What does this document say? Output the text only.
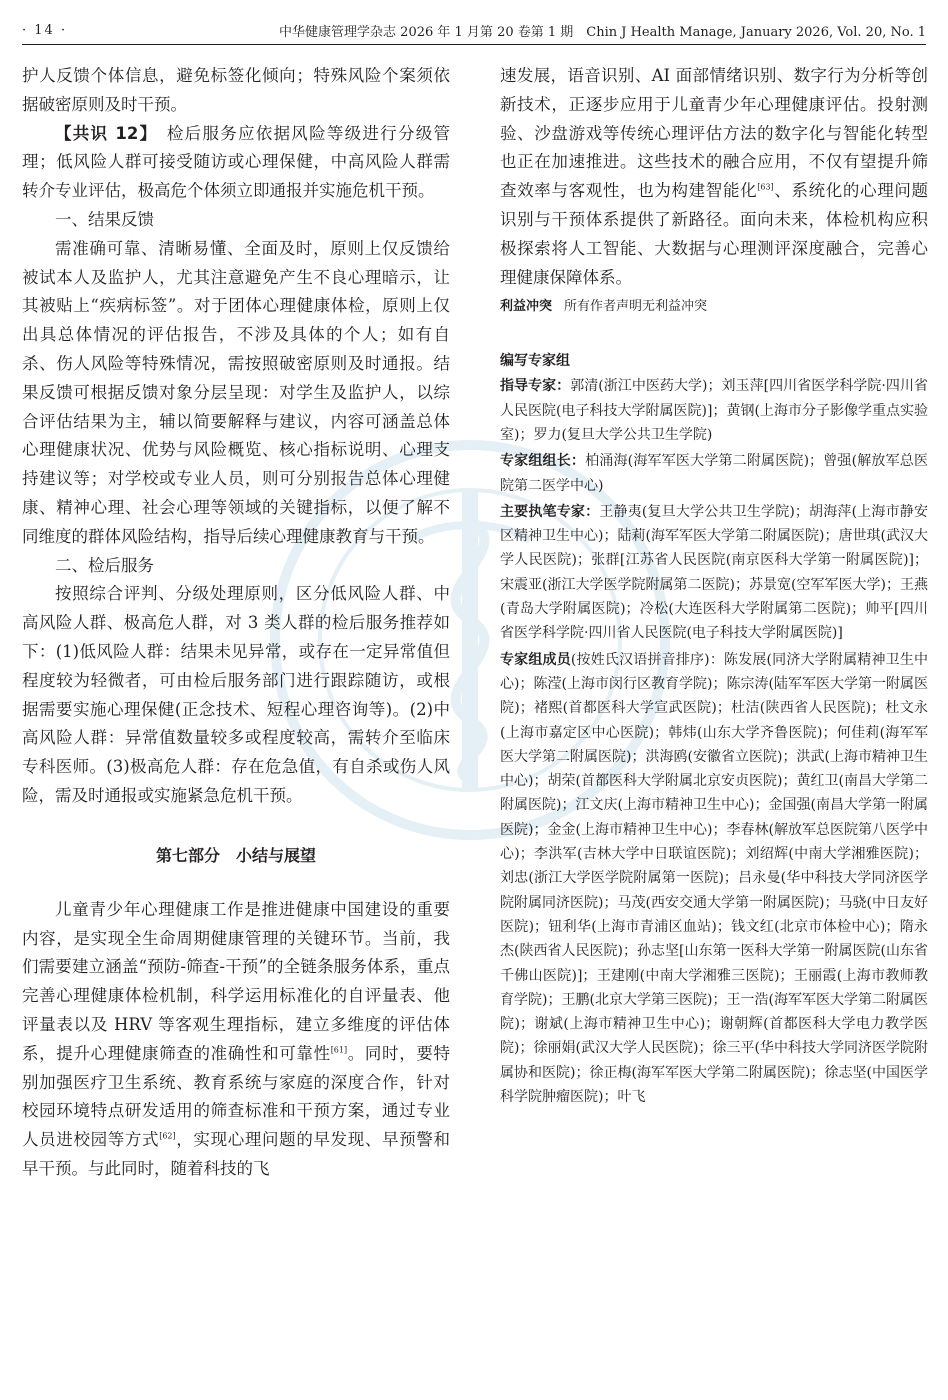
· 14 ·	中华健康管理学杂志 2026 年 1 月第 20 卷第 1 期　Chin J Health Manage, January 2026, Vol. 20, No. 1

护人反馈个体信息，避免标签化倾向；特殊风险个案须依据破密原则及时干预。

【共识 12】　 检后服务应依据风险等级进行分级管理；低风险人群可接受随访或心理保健，中高风险人群需转介专业评估，极高危个体须立即通报并实施危机干预。

一、结果反馈

需准确可靠、清晰易懂、全面及时，原则上仅反馈给被试本人及监护人，尤其注意避免产生不良心理暗示，让其被贴上“疾病标签”。对于团体心理健康体检，原则上仅出具总体情况的评估报告，不涉及具体的个人；如有自杀、伤人风险等特殊情况，需按照破密原则及时通报。结果反馈可根据反馈对象分层呈现：对学生及监护人，以综合评估结果为主，辅以简要解释与建议，内容可涵盖总体心理健康状况、优势与风险概览、核心指标说明、心理支持建议等；对学校或专业人员，则可分别报告总体心理健康、精神心理、社会心理等领域的关键指标，以便了解不同维度的群体风险结构，指导后续心理健康教育与干预。

二、检后服务

按照综合评判、分级处理原则，区分低风险人群、中高风险人群、极高危人群，对 3 类人群的检后服务推荐如下：(1)低风险人群：结果未见异常，或存在一定异常值但程度较为轻微者，可由检后服务部门进行跟踪随访，或根据需要实施心理保健(正念技术、短程心理咨询等)。(2)中高风险人群：异常值数量较多或程度较高，需转介至临床专科医师。(3)极高危人群：存在危急值，有自杀或伤人风险，需及时通报或实施紧急危机干预。

第七部分　小结与展望

儿童青少年心理健康工作是推进健康中国建设的重要内容，是实现全生命周期健康管理的关键环节。当前，我们需要建立涵盖“预防-筛查-干预”的全链条服务体系，重点完善心理健康体检机制，科学运用标准化的自评量表、他评量表以及 HRV 等客观生理指标，建立多维度的评估体系，提升心理健康筛查的准确性和可靠性[61]。同时，要特别加强医疗卫生系统、教育系统与家庭的深度合作，针对校园环境特点研发适用的筛查标准和干预方案，通过专业人员进校园等方式[62]，实现心理问题的早发现、早预警和早干预。与此同时，随着科技的飞

速发展，语音识别、AI 面部情绪识别、数字行为分析等创新技术，正逐步应用于儿童青少年心理健康评估。投射测验、沙盘游戏等传统心理评估方法的数字化与智能化转型也正在加速推进。这些技术的融合应用，不仅有望提升筛查效率与客观性，也为构建智能化[63]、系统化的心理问题识别与干预体系提供了新路径。面向未来，体检机构应积极探索将人工智能、大数据与心理测评深度融合，完善心理健康保障体系。

利益冲突 所有作者声明无利益冲突

编写专家组

指导专家：郭清(浙江中医药大学)；刘玉萍[四川省医学科学院·四川省人民医院(电子科技大学附属医院)]；黄钢(上海市分子影像学重点实验室)；罗力(复旦大学公共卫生学院)

专家组组长：柏涌海(海军军医大学第二附属医院)；曾强(解放军总医院第二医学中心)

主要执笔专家：王静夷(复旦大学公共卫生学院)；胡海萍(上海市静安区精神卫生中心)；陆莉(海军军医大学第二附属医院)；唐世琪(武汉大学人民医院)；张群[江苏省人民医院(南京医科大学第一附属医院)]；宋震亚(浙江大学医学院附属第二医院)；苏景宽(空军军医大学)；王燕(青岛大学附属医院)；冷松(大连医科大学附属第二医院)；帅平[四川省医学科学院·四川省人民医院(电子科技大学附属医院)]

专家组成员(按姓氏汉语拼音排序)：陈发展(同济大学附属精神卫生中心)；陈滢(上海市闵行区教育学院)；陈宗涛(陆军军医大学第一附属医院)；褚熙(首都医科大学宣武医院)；杜洁(陕西省人民医院)；杜文永(上海市嘉定区中心医院)；韩炜(山东大学齐鲁医院)；何佳莉(海军军医大学第二附属医院)；洪海鸥(安徽省立医院)；洪武(上海市精神卫生中心)；胡荣(首都医科大学附属北京安贞医院)；黄红卫(南昌大学第二附属医院)；江文庆(上海市精神卫生中心)；金国强(南昌大学第一附属医院)；金金(上海市精神卫生中心)；李春林(解放军总医院第八医学中心)；李洪军(吉林大学中日联谊医院)；刘绍辉(中南大学湘雅医院)；刘忠(浙江大学医学院附属第一医院)；吕永曼(华中科技大学同济医学院附属同济医院)；马茂(西安交通大学第一附属医院)；马骁(中日友好医院)；钮利华(上海市青浦区血站)；钱文红(北京市体检中心)；隋永杰(陕西省人民医院)；孙志坚[山东第一医科大学第一附属医院(山东省千佛山医院)]；王建刚(中南大学湘雅三医院)；王丽霞(上海市教师教育学院)；王鹏(北京大学第三医院)；王一浩(海军军医大学第二附属医院)；谢斌(上海市精神卫生中心)；谢朝辉(首都医科大学电力教学医院)；徐丽娟(武汉大学人民医院)；徐三平(华中科技大学同济医学院附属协和医院)；徐正梅(海军军医大学第二附属医院)；徐志坚(中国医学科学院肿瘤医院)；叶飞
